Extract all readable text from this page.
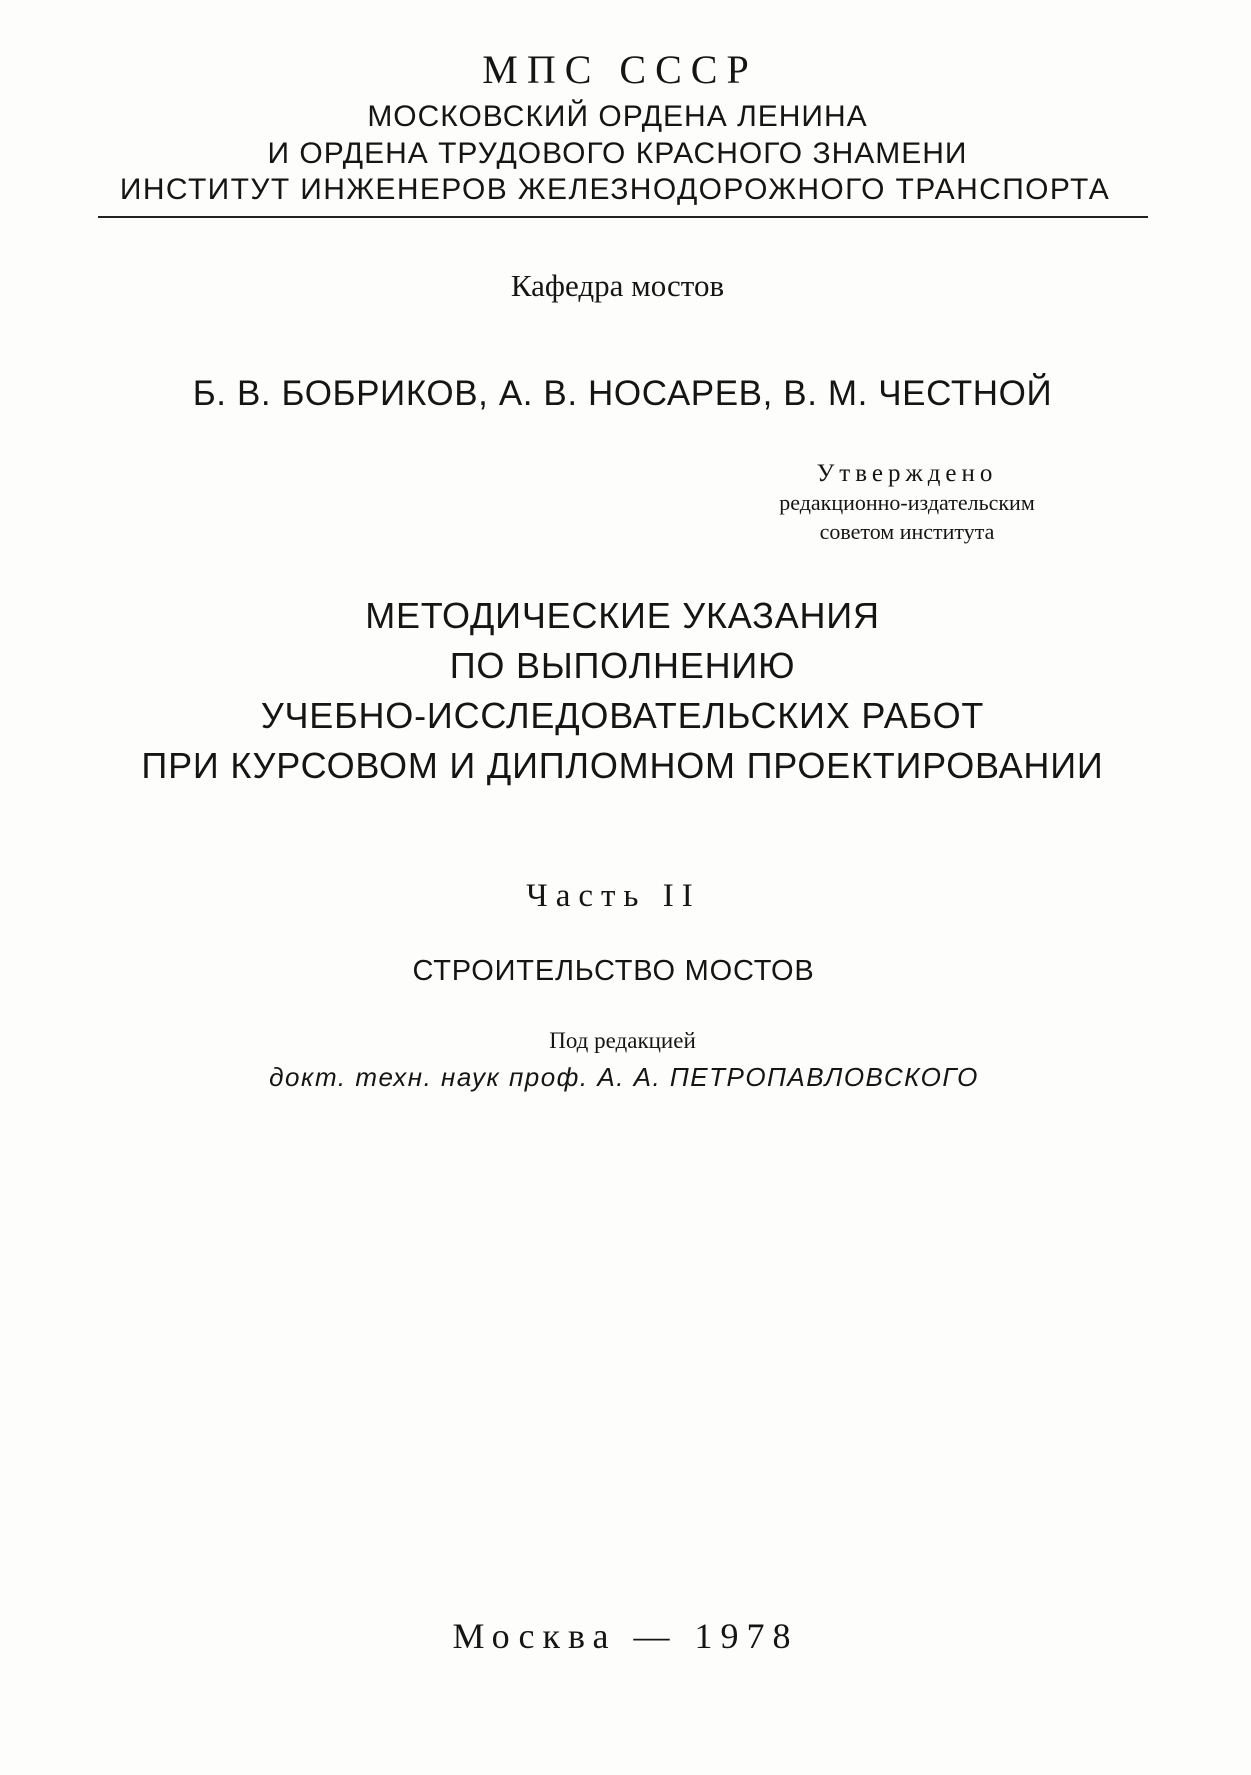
МПС СССР
МОСКОВСКИЙ ОРДЕНА ЛЕНИНА
И ОРДЕНА ТРУДОВОГО КРАСНОГО ЗНАМЕНИ
ИНСТИТУТ ИНЖЕНЕРОВ ЖЕЛЕЗНОДОРОЖНОГО ТРАНСПОРТА
Кафедра мостов
Б. В. БОБРИКОВ, А. В. НОСАРЕВ, В. М. ЧЕСТНОЙ
Утверждено
редакционно-издательским
советом института
МЕТОДИЧЕСКИЕ УКАЗАНИЯ
ПО ВЫПОЛНЕНИЮ
УЧЕБНО-ИССЛЕДОВАТЕЛЬСКИХ РАБОТ
ПРИ КУРСОВОМ И ДИПЛОМНОМ ПРОЕКТИРОВАНИИ
Часть II
СТРОИТЕЛЬСТВО МОСТОВ
Под редакцией
докт. техн. наук проф. А. А. ПЕТРОПАВЛОВСКОГО
Москва — 1978
